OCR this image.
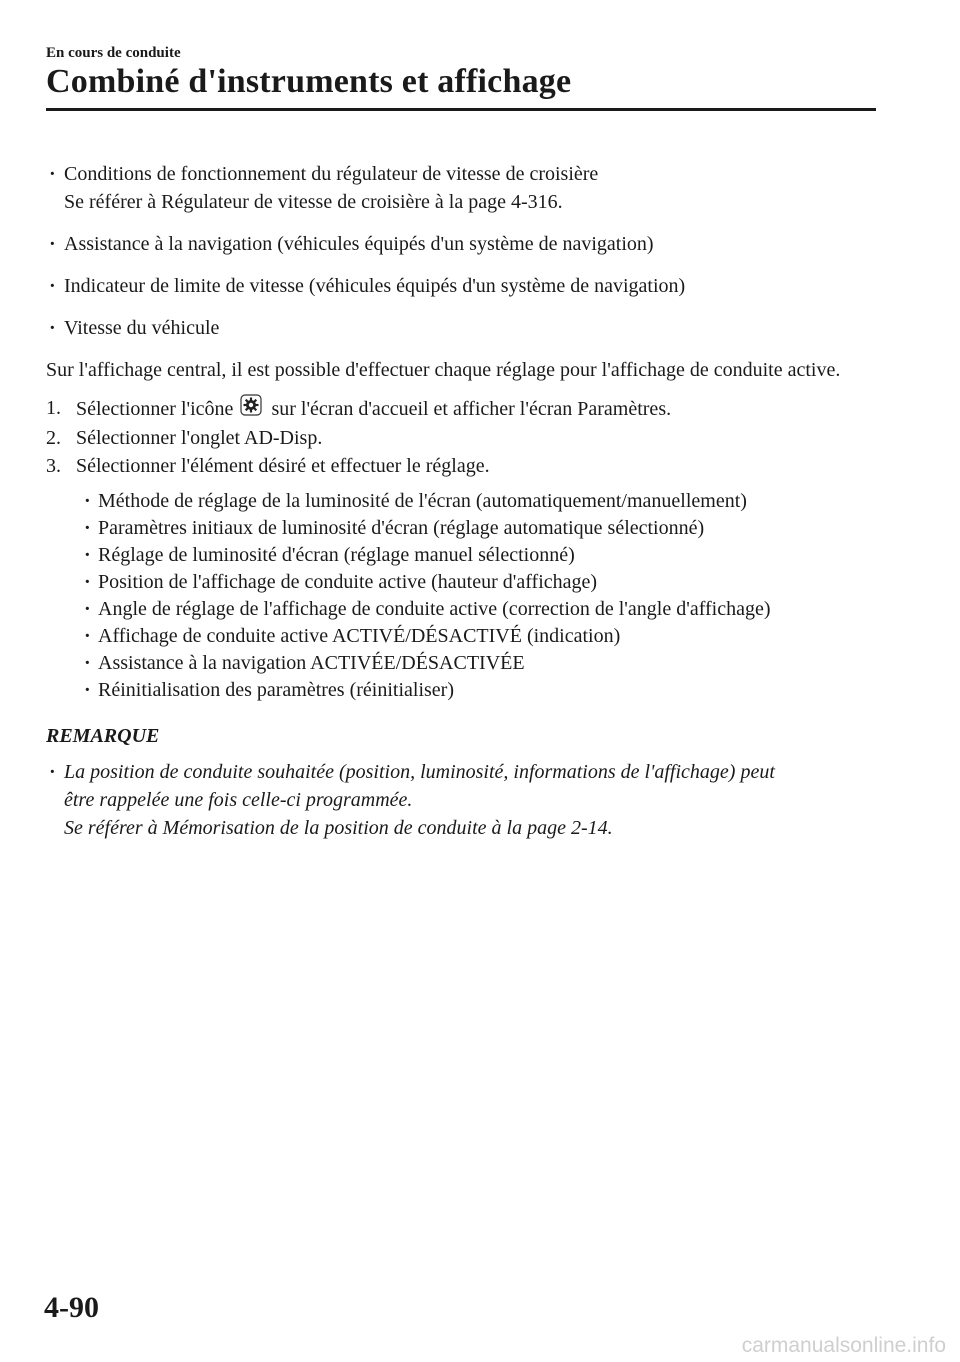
En cours de conduite
Combiné d'instruments et affichage
· Conditions de fonctionnement du régulateur de vitesse de croisière
Se référer à Régulateur de vitesse de croisière à la page 4-316.
· Assistance à la navigation (véhicules équipés d'un système de navigation)
· Indicateur de limite de vitesse (véhicules équipés d'un système de navigation)
· Vitesse du véhicule

Sur l'affichage central, il est possible d'effectuer chaque réglage pour l'affichage de conduite active.

1. Sélectionner l'icône sur l'écran d'accueil et afficher l'écran Paramètres.
2. Sélectionner l'onglet AD-Disp.
3. Sélectionner l'élément désiré et effectuer le réglage.
· Méthode de réglage de la luminosité de l'écran (automatiquement/manuellement)
· Paramètres initiaux de luminosité d'écran (réglage automatique sélectionné)
· Réglage de luminosité d'écran (réglage manuel sélectionné)
· Position de l'affichage de conduite active (hauteur d'affichage)
· Angle de réglage de l'affichage de conduite active (correction de l'angle d'affichage)
· Affichage de conduite active ACTIVÉ/DÉSACTIVÉ (indication)
· Assistance à la navigation ACTIVÉE/DÉSACTIVÉE
· Réinitialisation des paramètres (réinitialiser)
REMARQUE
· La position de conduite souhaitée (position, luminosité, informations de l'affichage) peut
être rappelée une fois celle-ci programmée.
Se référer à Mémorisation de la position de conduite à la page 2-14.
4-90
carmanualsonline.info
